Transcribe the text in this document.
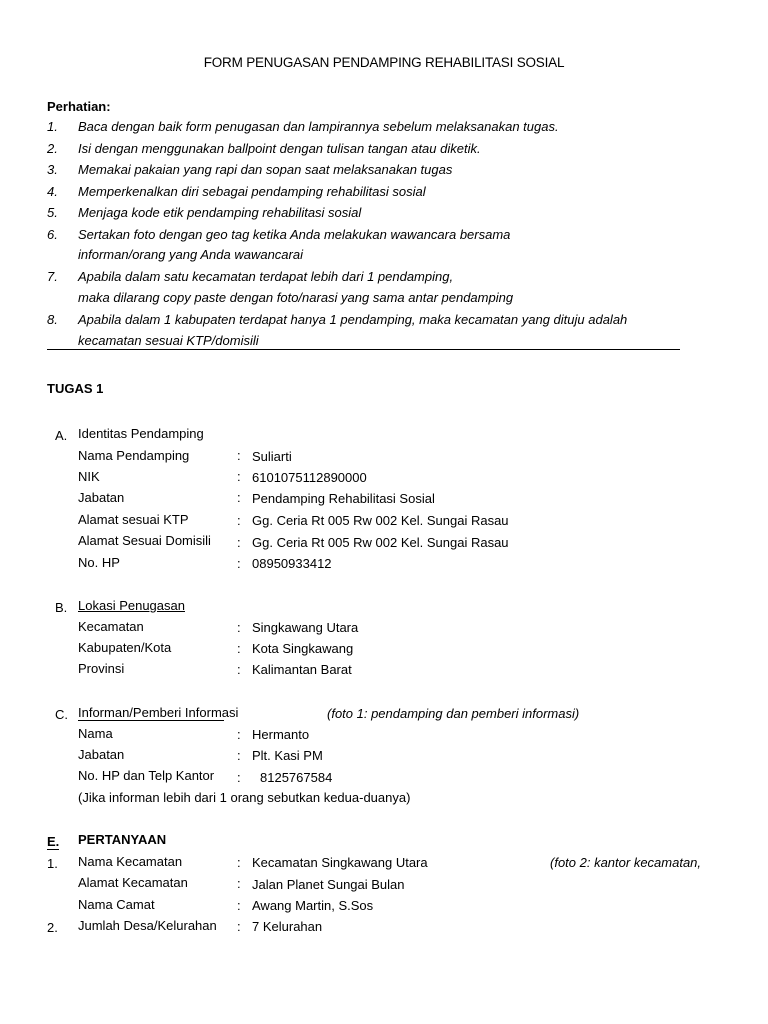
FORM PENUGASAN PENDAMPING REHABILITASI SOSIAL
Perhatian:
1. Baca dengan baik form penugasan dan lampirannya sebelum melaksanakan tugas.
2. Isi dengan menggunakan ballpoint dengan tulisan tangan atau diketik.
3. Memakai pakaian yang rapi dan sopan saat melaksanakan tugas
4. Memperkenalkan diri sebagai pendamping rehabilitasi sosial
5. Menjaga kode etik pendamping rehabilitasi sosial
6. Sertakan foto dengan geo tag ketika Anda melakukan wawancara bersama
informan/orang yang Anda wawancarai
7. Apabila dalam satu kecamatan terdapat lebih dari 1 pendamping,
maka dilarang copy paste dengan foto/narasi yang sama antar pendamping
8. Apabila dalam 1 kabupaten terdapat hanya 1 pendamping, maka kecamatan yang dituju adalah
kecamatan sesuai KTP/domisili
TUGAS 1
A. Identitas Pendamping
Nama Pendamping	: Suliarti
NIK	: 6101075112890000
Jabatan	: Pendamping Rehabilitasi Sosial
Alamat sesuai KTP	: Gg. Ceria Rt 005 Rw 002 Kel. Sungai Rasau
Alamat Sesuai Domisili : Gg. Ceria Rt 005 Rw 002 Kel. Sungai Rasau
No. HP	: 08950933412
B. Lokasi Penugasan
Kecamatan	: Singkawang Utara
Kabupaten/Kota	: Kota Singkawang
Provinsi	: Kalimantan Barat
C. Informan/Pemberi Informasi	(foto 1: pendamping dan pemberi informasi)
Nama	: Hermanto
Jabatan	: Plt. Kasi PM
No. HP dan Telp Kantor : 8125767584
(Jika informan lebih dari 1 orang sebutkan kedua-duanya)
E. PERTANYAAN
(foto 2: kantor kecamatan,
1. Nama Kecamatan	: Kecamatan Singkawang Utara
Alamat Kecamatan	: Jalan Planet Sungai Bulan
Nama Camat	: Awang Martin, S.Sos
2. Jumlah Desa/Kelurahan : 7 Kelurahan
